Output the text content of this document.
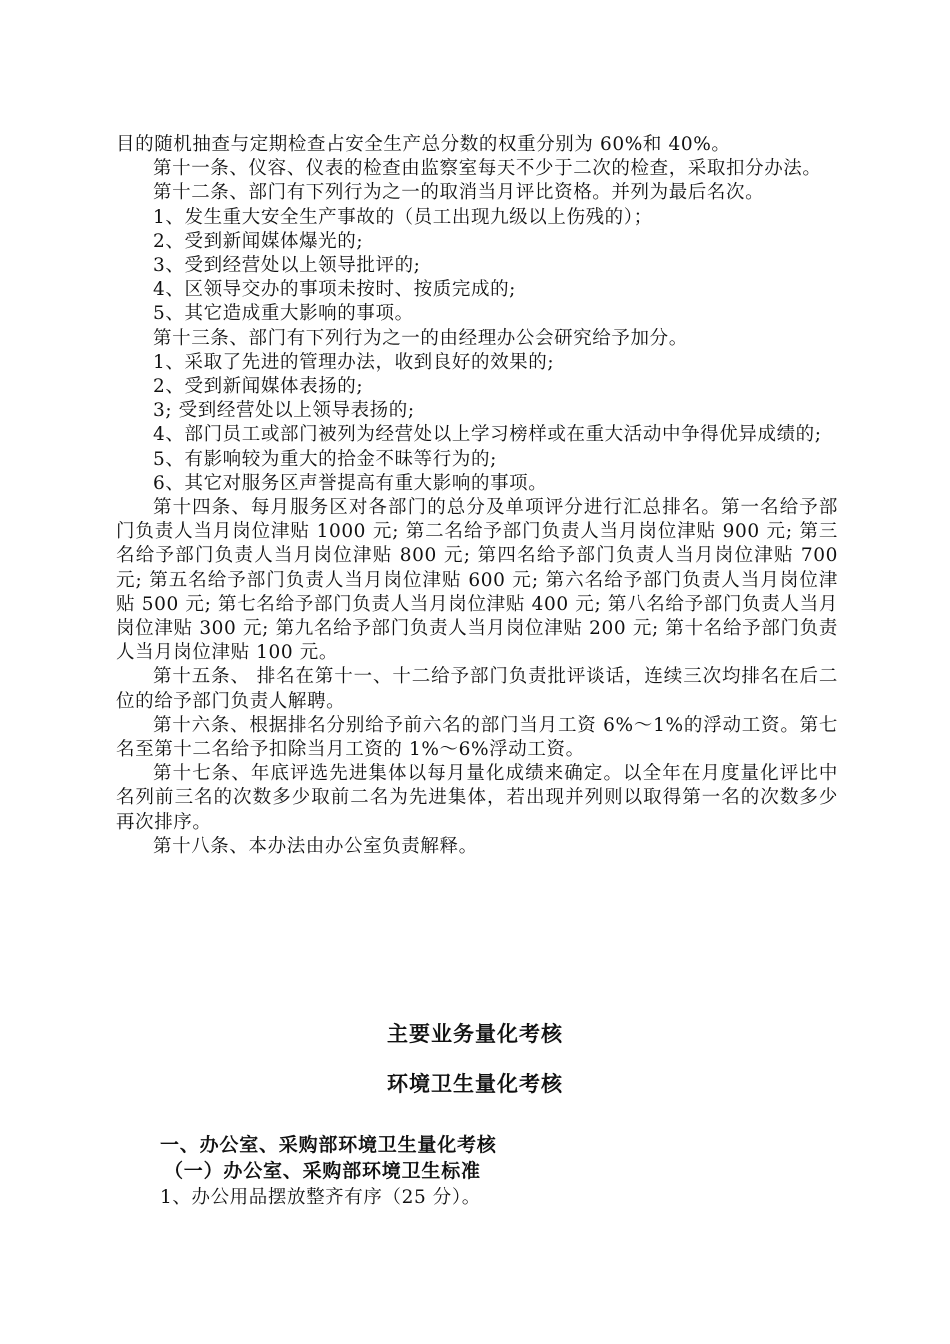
目的随机抽查与定期检查占安全生产总分数的权重分别为 60%和 40%。

第十一条、仪容、仪表的检查由监察室每天不少于二次的检查，采取扣分办法。

第十二条、部门有下列行为之一的取消当月评比资格。并列为最后名次。

1、发生重大安全生产事故的（员工出现九级以上伤残的）；

2、受到新闻媒体爆光的;

3、受到经营处以上领导批评的;

4、区领导交办的事项未按时、按质完成的;

5、其它造成重大影响的事项。

第十三条、部门有下列行为之一的由经理办公会研究给予加分。

1、采取了先进的管理办法，收到良好的效果的;

2、受到新闻媒体表扬的;

3; 受到经营处以上领导表扬的;

4、部门员工或部门被列为经营处以上学习榜样或在重大活动中争得优异成绩的;

5、有影响较为重大的拾金不昧等行为的;

6、其它对服务区声誉提高有重大影响的事项。

第十四条、每月服务区对各部门的总分及单项评分进行汇总排名。第一名给予部门负责人当月岗位津贴 1000 元; 第二名给予部门负责人当月岗位津贴 900 元; 第三名给予部门负责人当月岗位津贴 800 元; 第四名给予部门负责人当月岗位津贴 700 元; 第五名给予部门负责人当月岗位津贴 600 元; 第六名给予部门负责人当月岗位津贴 500 元; 第七名给予部门负责人当月岗位津贴 400 元; 第八名给予部门负责人当月岗位津贴 300 元; 第九名给予部门负责人当月岗位津贴 200 元; 第十名给予部门负责人当月岗位津贴 100 元。

第十五条、 排名在第十一、十二给予部门负责批评谈话，连续三次均排名在后二位的给予部门负责人解聘。

第十六条、根据排名分别给予前六名的部门当月工资 6%～1%的浮动工资。第七名至第十二名给予扣除当月工资的 1%～6%浮动工资。

第十七条、年底评选先进集体以每月量化成绩来确定。以全年在月度量化评比中名列前三名的次数多少取前二名为先进集体，若出现并列则以取得第一名的次数多少再次排序。

第十八条、本办法由办公室负责解释。

主要业务量化考核
环境卫生量化考核
一、办公室、采购部环境卫生量化考核
（一）办公室、采购部环境卫生标准
1、办公用品摆放整齐有序（25 分）。
